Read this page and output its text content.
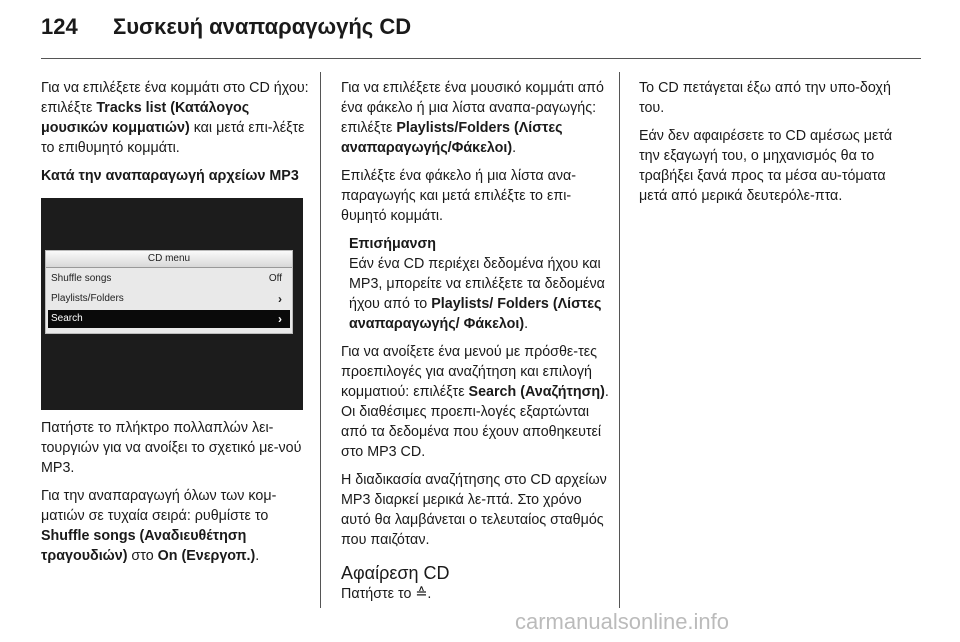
124 Συσκευή αναπαραγωγής CD

Για να επιλέξετε ένα κομμάτι στο CD ήχου: επιλέξτε Tracks list (Κατάλογος μουσικών κομματιών) και μετά επι-λέξτε το επιθυμητό κομμάτι.

Κατά την αναπαραγωγή αρχείων MP3
CD menu
Shuffle songs	Off
Playlists/Folders	›
Search	›

Πατήστε το πλήκτρο πολλαπλών λει-τουργιών για να ανοίξει το σχετικό με-νού MP3.

Για την αναπαραγωγή όλων των κομ-ματιών σε τυχαία σειρά: ρυθμίστε το Shuffle songs (Αναδιευθέτηση τραγουδιών) στο On (Ενεργοπ.).

Για να επιλέξετε ένα μουσικό κομμάτι από ένα φάκελο ή μια λίστα αναπα-ραγωγής: επιλέξτε Playlists/Folders (Λίστες αναπαραγωγής/Φάκελοι).

Επιλέξτε ένα φάκελο ή μια λίστα ανα-παραγωγής και μετά επιλέξτε το επι-θυμητό κομμάτι.

Επισήμανση
Εάν ένα CD περιέχει δεδομένα ήχου και MP3, μπορείτε να επιλέξετε τα δεδομένα ήχου από το Playlists/ Folders (Λίστες αναπαραγωγής/ Φάκελοι).

Για να ανοίξετε ένα μενού με πρόσθε-τες προεπιλογές για αναζήτηση και επιλογή κομματιού: επιλέξτε Search (Αναζήτηση). Οι διαθέσιμες προεπι-λογές εξαρτώνται από τα δεδομένα που έχουν αποθηκευτεί στο MP3 CD.

Η διαδικασία αναζήτησης στο CD αρχείων MP3 διαρκεί μερικά λε-πτά. Στο χρόνο αυτό θα λαμβάνεται ο τελευταίος σταθμός που παιζόταν.

Αφαίρεση CD

Πατήστε το ≙.

Το CD πετάγεται έξω από την υπο-δοχή του.

Εάν δεν αφαιρέσετε το CD αμέσως μετά την εξαγωγή του, ο μηχανισμός θα το τραβήξει ξανά προς τα μέσα αυ-τόματα μετά από μερικά δευτερόλε-πτα.

carmanualsonline.info
